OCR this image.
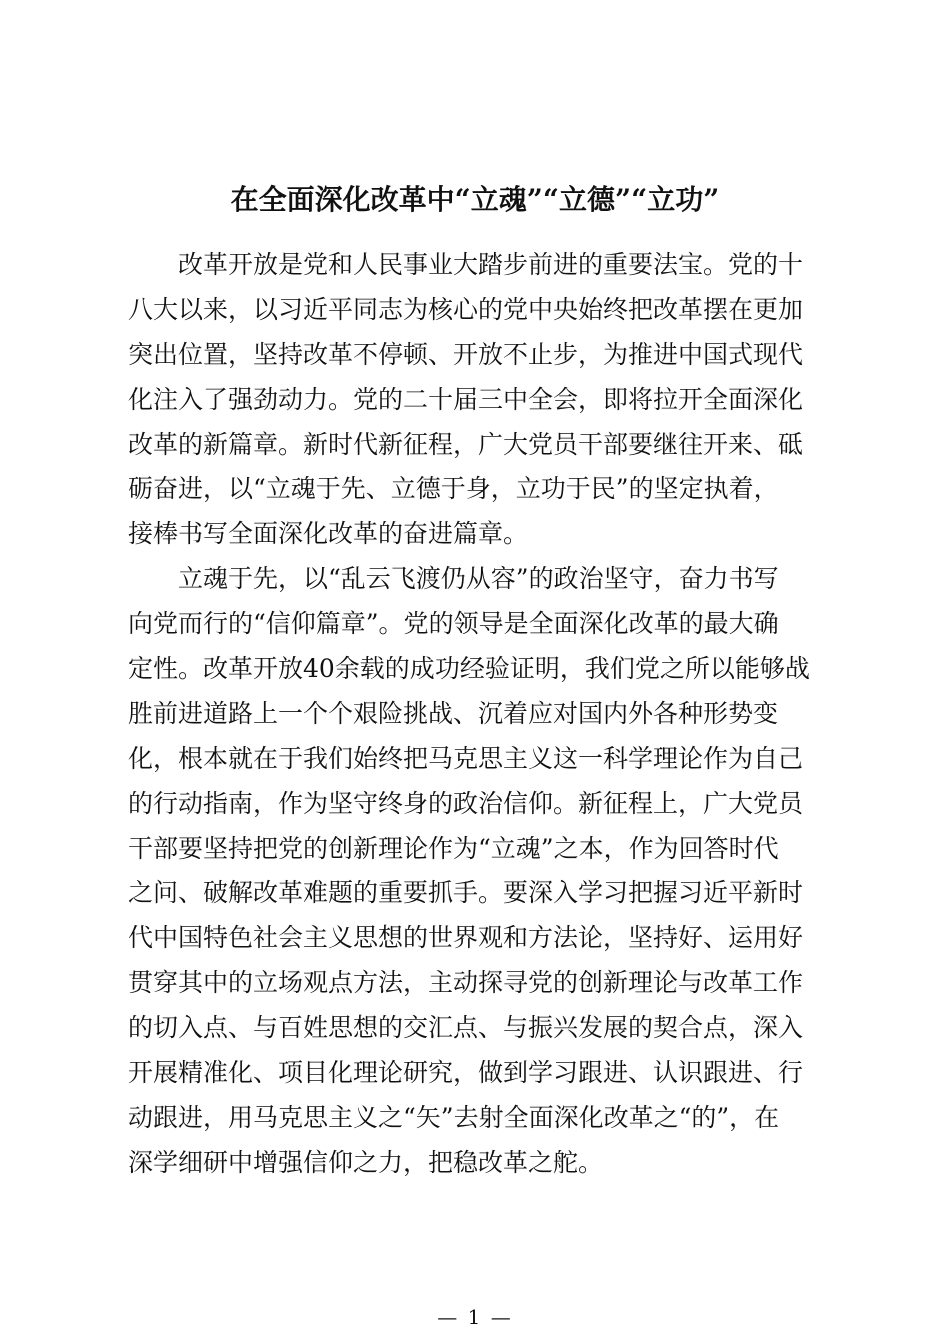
在全面深化改革中“立魂”“立德”“立功”
改革开放是党和人民事业大踏步前进的重要法宝。党的十
八大以来，以习近平同志为核心的党中央始终把改革摆在更加
突出位置，坚持改革不停顿、开放不止步，为推进中国式现代
化注入了强劲动力。党的二十届三中全会，即将拉开全面深化
改革的新篇章。新时代新征程，广大党员干部要继往开来、砥
砺奋进，以“立魂于先、立德于身，立功于民”的坚定执着，
接棒书写全面深化改革的奋进篇章。
立魂于先，以“乱云飞渡仍从容”的政治坚守，奋力书写
向党而行的“信仰篇章”。党的领导是全面深化改革的最大确
定性。改革开放40余载的成功经验证明，我们党之所以能够战
胜前进道路上一个个艰险挑战、沉着应对国内外各种形势变
化，根本就在于我们始终把马克思主义这一科学理论作为自己
的行动指南，作为坚守终身的政治信仰。新征程上，广大党员
干部要坚持把党的创新理论作为“立魂”之本，作为回答时代
之问、破解改革难题的重要抓手。要深入学习把握习近平新时
代中国特色社会主义思想的世界观和方法论，坚持好、运用好
贯穿其中的立场观点方法，主动探寻党的创新理论与改革工作
的切入点、与百姓思想的交汇点、与振兴发展的契合点，深入
开展精准化、项目化理论研究，做到学习跟进、认识跟进、行
动跟进，用马克思主义之“矢”去射全面深化改革之“的”，在
深学细研中增强信仰之力，把稳改革之舵。
— 1 —
